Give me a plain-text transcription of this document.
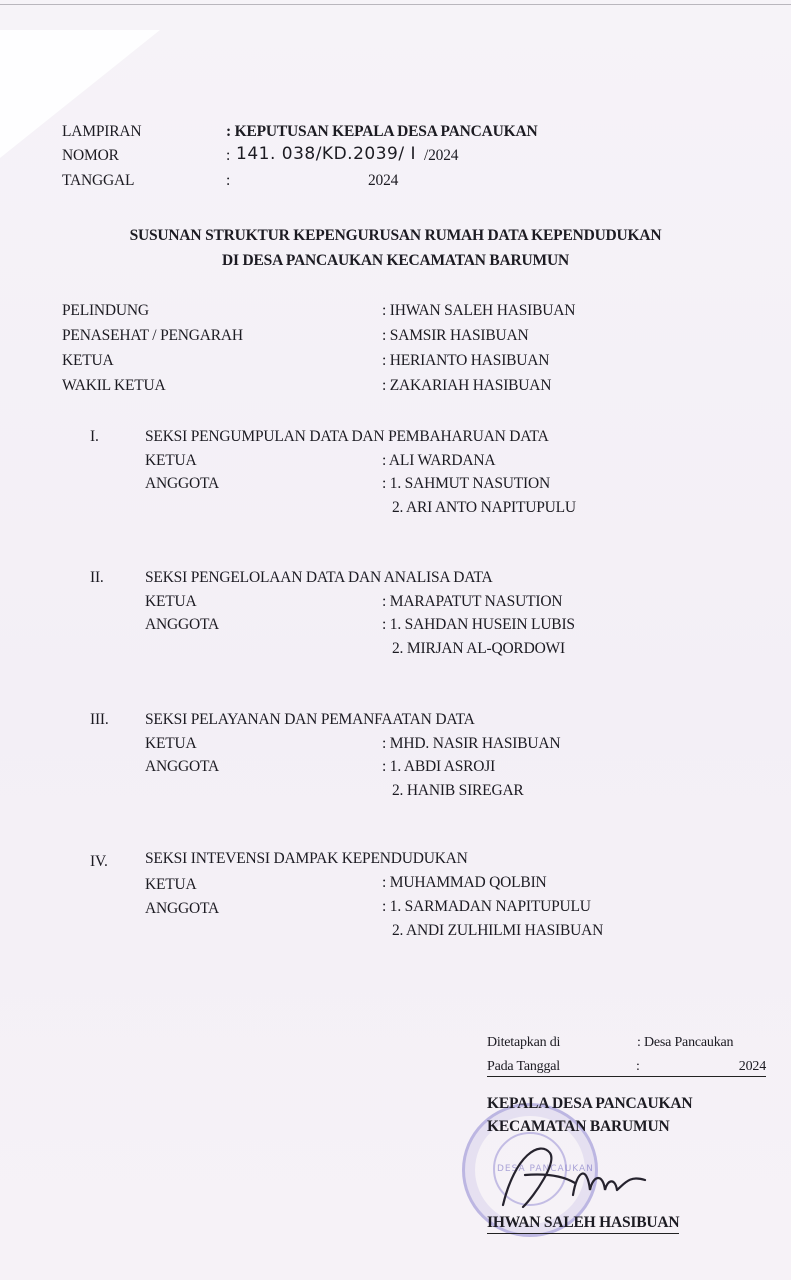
LAMPIRAN	: KEPUTUSAN KEPALA DESA PANCAUKAN
NOMOR	: 141. 038/KD.2039/ I /2024
TANGGAL	:	2024
SUSUNAN STRUKTUR KEPENGURUSAN RUMAH DATA KEPENDUDUKAN
DI DESA PANCAUKAN KECAMATAN BARUMUN
PELINDUNG	: IHWAN SALEH HASIBUAN
PENASEHAT / PENGARAH	: SAMSIR HASIBUAN
KETUA	: HERIANTO HASIBUAN
WAKIL KETUA	: ZAKARIAH HASIBUAN
I.	SEKSI PENGUMPULAN DATA DAN PEMBAHARUAN DATA
KETUA	: ALI WARDANA
ANGGOTA	: 1. SAHMUT NASUTION
2. ARI ANTO NAPITUPULU
II.	SEKSI PENGELOLAAN DATA DAN ANALISA DATA
KETUA	: MARAPATUT NASUTION
ANGGOTA	: 1. SAHDAN HUSEIN LUBIS
2. MIRJAN AL-QORDOWI
III. SEKSI PELAYANAN DAN PEMANFAATAN DATA
KETUA	: MHD. NASIR HASIBUAN
ANGGOTA	: 1. ABDI ASROJI
2. HANIB SIREGAR
IV. SEKSI INTEVENSI DAMPAK KEPENDUDUKAN
KETUA	: MUHAMMAD QOLBIN
ANGGOTA	: 1. SARMADAN NAPITUPULU
2. ANDI ZULHILMI HASIBUAN
Ditetapkan di	: Desa Pancaukan
Pada Tanggal	:	2024
DESA PANCAUKAN
KEPALA DESA PANCAUKAN
KECAMATAN BARUMUN
IHWAN SALEH HASIBUAN
